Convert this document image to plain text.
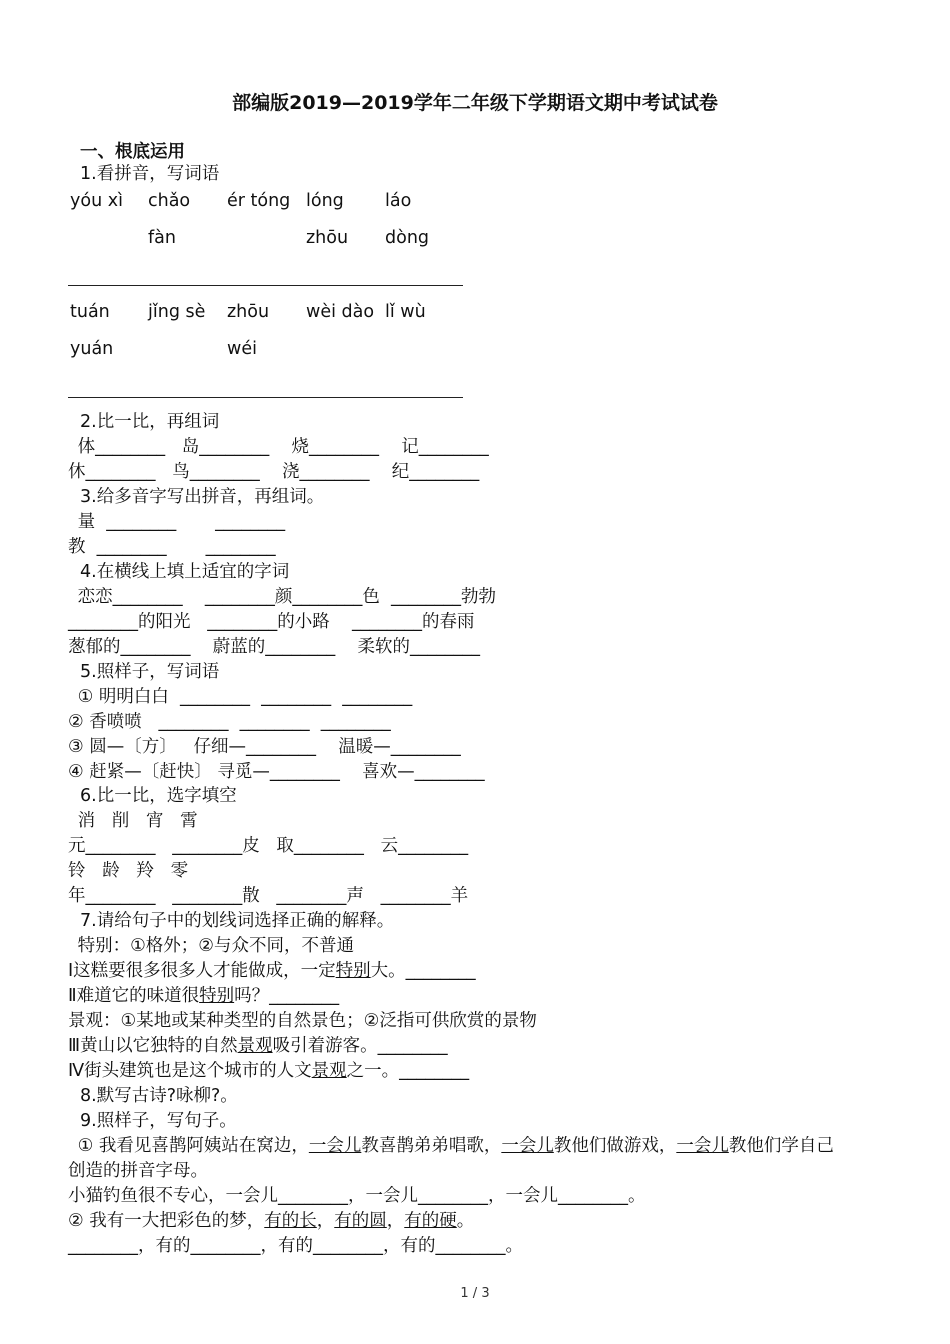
部编版2019—2019学年二年级下学期语文期中考试试卷
一、根底运用
1.看拼音，写词语
yóu xì chǎo ér tóng lóng láo
fàn	zhōu dòng
tuán jǐng sè zhōu wèi dào lǐ wù
yuán	wéi
2.比一比，再组词
体________   岛________    烧________    记________
休________   鸟________    浇________    纪________
3.给多音字写出拼音，再组词。
量  ________       ________
教  ________       ________
4.在横线上填上适宜的字词
恋恋________    ________颜________色  ________勃勃
________的阳光   ________的小路    ________的春雨
葱郁的________    蔚蓝的________    柔软的________
5.照样子，写词语
① 明明白白  ________  ________  ________
② 香喷喷   ________  ________  ________
③ 圆—〔方〕   仔细—________    温暖—________
④ 赶紧—〔赶快〕 寻觅—________    喜欢—________
6.比一比，选字填空
消   削   宵   霄
元________   ________皮   取________   云________
铃   龄   羚   零
年________   ________散   ________声   ________羊
7.请给句子中的划线词选择正确的解释。
特别：①格外；②与众不同，不普通
Ⅰ这糕要很多很多人才能做成，一定特别大。________
Ⅱ难道它的味道很特别吗？________
景观：①某地或某种类型的自然景色；②泛指可供欣赏的景物
Ⅲ黄山以它独特的自然景观吸引着游客。________
Ⅳ街头建筑也是这个城市的人文景观之一。________
8.默写古诗?咏柳?。
9.照样子，写句子。
① 我看见喜鹊阿姨站在窝边，一会儿教喜鹊弟弟唱歌，一会儿教他们做游戏，一会儿教他们学自己
创造的拼音字母。
小猫钓鱼很不专心，一会儿________，一会儿________，一会儿________。
② 我有一大把彩色的梦，有的长，有的圆，有的硬。
________，有的________，有的________，有的________。
1 / 3
